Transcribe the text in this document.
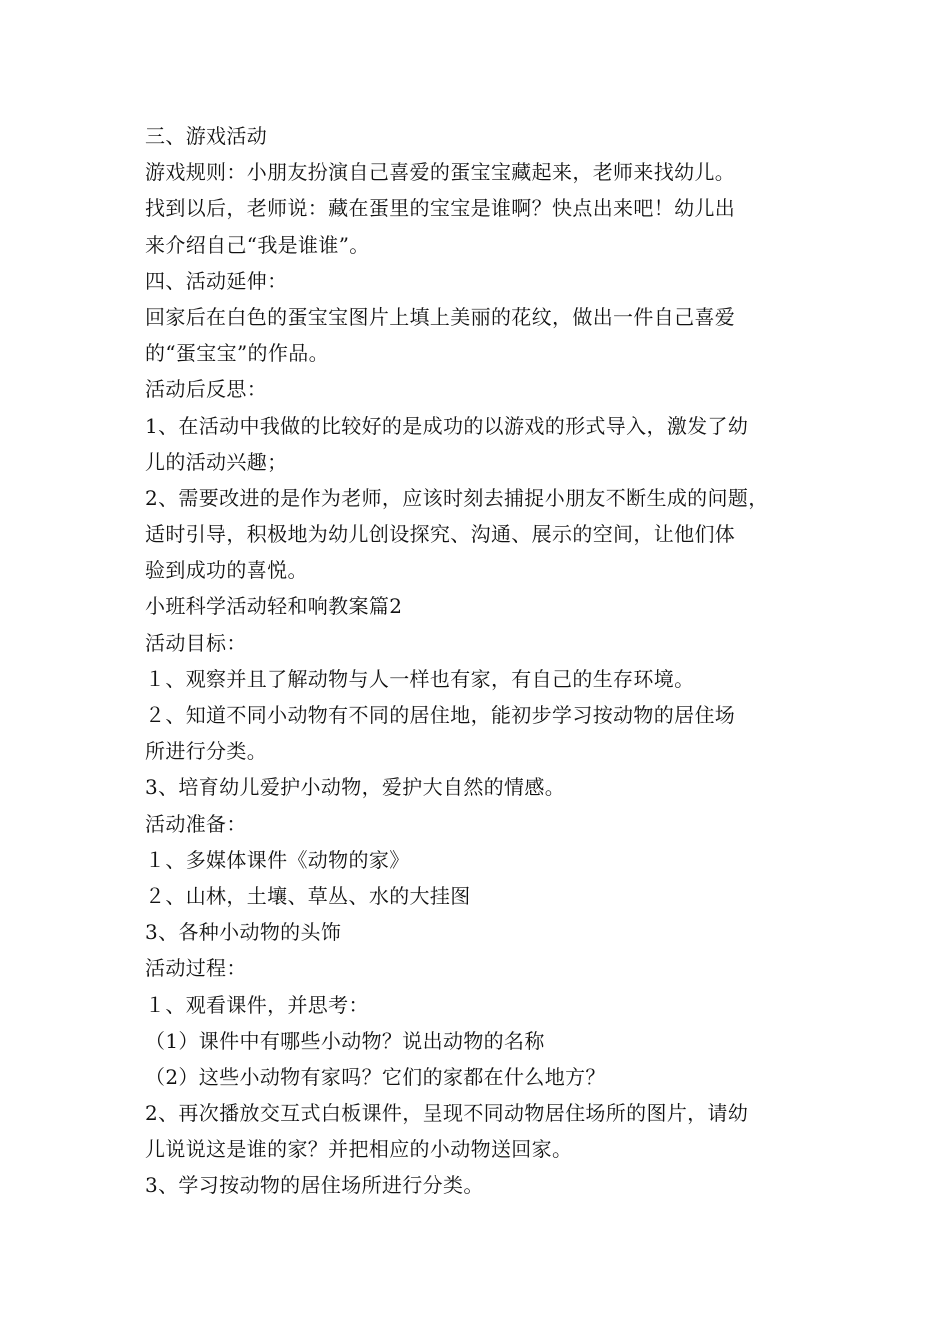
三、游戏活动
游戏规则：小朋友扮演自己喜爱的蛋宝宝藏起来，老师来找幼儿。
找到以后，老师说：藏在蛋里的宝宝是谁啊？快点出来吧！幼儿出
来介绍自己“我是谁谁”。
四、活动延伸：
回家后在白色的蛋宝宝图片上填上美丽的花纹，做出一件自己喜爱
的“蛋宝宝”的作品。
活动后反思：
1、在活动中我做的比较好的是成功的以游戏的形式导入，激发了幼
儿的活动兴趣；
2、需要改进的是作为老师，应该时刻去捕捉小朋友不断生成的问题，
适时引导，积极地为幼儿创设探究、沟通、展示的空间，让他们体
验到成功的喜悦。
小班科学活动轻和响教案篇2
活动目标：
１、观察并且了解动物与人一样也有家，有自己的生存环境。
２、知道不同小动物有不同的居住地，能初步学习按动物的居住场
所进行分类。
3、培育幼儿爱护小动物，爱护大自然的情感。
活动准备：
１、多媒体课件《动物的家》
２、山林，土壤、草丛、水的大挂图
3、各种小动物的头饰
活动过程：
１、观看课件，并思考：
（1）课件中有哪些小动物？说出动物的名称
（2）这些小动物有家吗？它们的家都在什么地方？
2、再次播放交互式白板课件，呈现不同动物居住场所的图片，请幼
儿说说这是谁的家？并把相应的小动物送回家。
3、学习按动物的居住场所进行分类。
